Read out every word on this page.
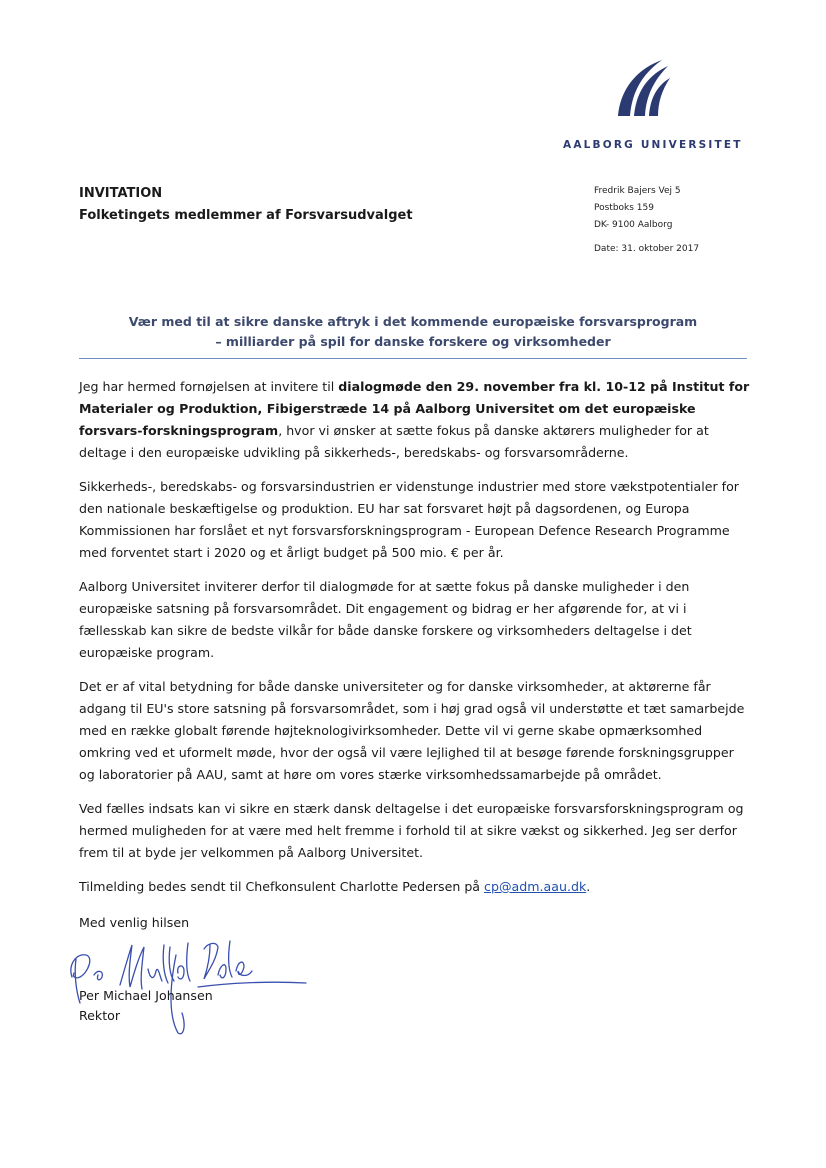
AALBORG UNIVERSITET
INVITATION
Folketingets medlemmer af Forsvarsudvalget
Fredrik Bajers Vej 5
Postboks 159
DK- 9100 Aalborg
Date: 31. oktober 2017
Vær med til at sikre danske aftryk i det kommende europæiske forsvarsprogram
– milliarder på spil for danske forskere og virksomheder

Jeg har hermed fornøjelsen at invitere til dialogmøde den 29. november fra kl. 10-12 på Institut for Materialer og Produktion, Fibigerstræde 14 på Aalborg Universitet om det europæiske forsvars-forskningsprogram, hvor vi ønsker at sætte fokus på danske aktørers muligheder for at deltage i den europæiske udvikling på sikkerheds-, beredskabs- og forsvarsområderne.

Sikkerheds-, beredskabs- og forsvarsindustrien er videnstunge industrier med store vækstpotentialer for den nationale beskæftigelse og produktion. EU har sat forsvaret højt på dagsordenen, og Europa Kommissionen har forslået et nyt forsvarsforskningsprogram - European Defence Research Programme med forventet start i 2020 og et årligt budget på 500 mio. € per år.

Aalborg Universitet inviterer derfor til dialogmøde for at sætte fokus på danske muligheder i den europæiske satsning på forsvarsområdet. Dit engagement og bidrag er her afgørende for, at vi i fællesskab kan sikre de bedste vilkår for både danske forskere og virksomheders deltagelse i det europæiske program.

Det er af vital betydning for både danske universiteter og for danske virksomheder, at aktørerne får adgang til EU's store satsning på forsvarsområdet, som i høj grad også vil understøtte et tæt samarbejde med en række globalt førende højteknologivirksomheder. Dette vil vi gerne skabe opmærksomhed omkring ved et uformelt møde, hvor der også vil være lejlighed til at besøge førende forskningsgrupper og laboratorier på AAU, samt at høre om vores stærke virksomhedssamarbejde på området.

Ved fælles indsats kan vi sikre en stærk dansk deltagelse i det europæiske forsvarsforskningsprogram og hermed muligheden for at være med helt fremme i forhold til at sikre vækst og sikkerhed. Jeg ser derfor frem til at byde jer velkommen på Aalborg Universitet.

Tilmelding bedes sendt til Chefkonsulent Charlotte Pedersen på cp@adm.aau.dk.

Med venlig hilsen
Per Michael Johansen
Rektor
